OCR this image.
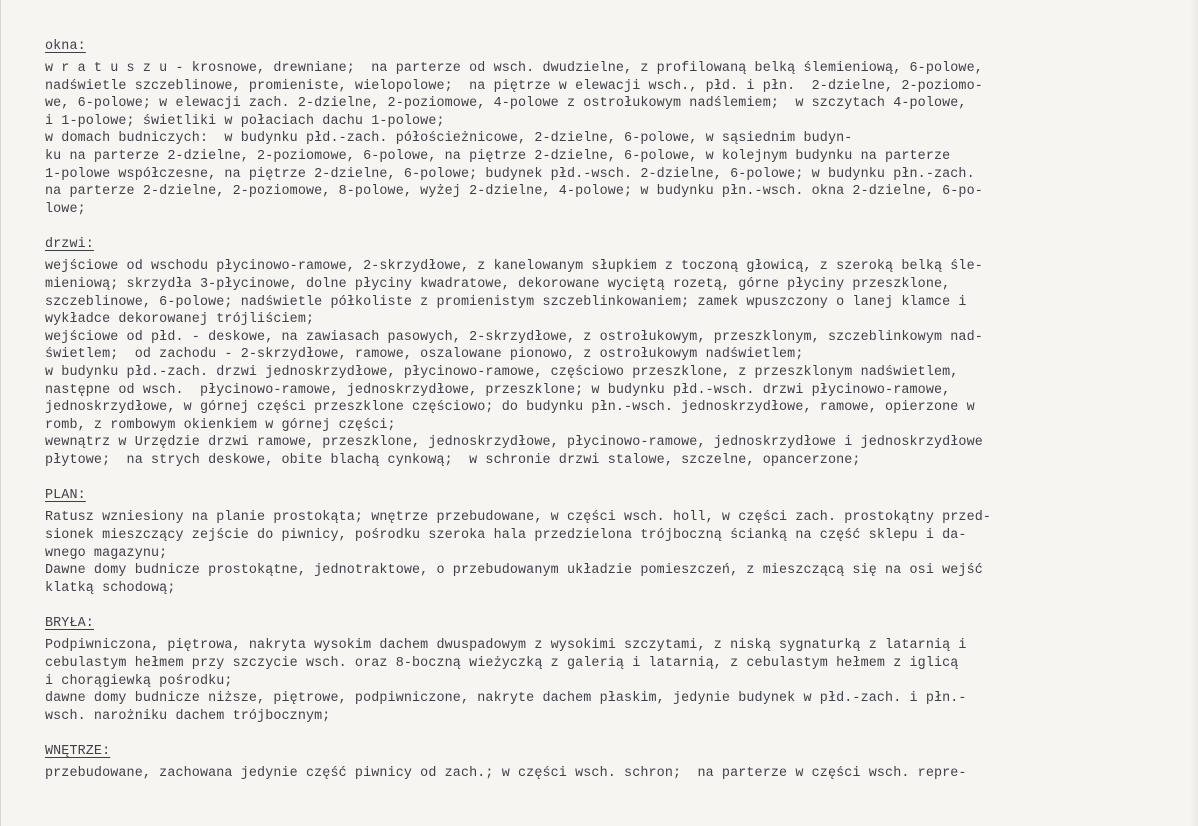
okna:
w r a t u s z u - krosnowe, drewniane;  na parterze od wsch. dwudzielne, z profilowaną belką ślemieniową, 6-polowe,
nadświetle szczeblinowe, promieniste, wielopolowe;  na piętrze w elewacji wsch., płd. i płn.  2-dzielne, 2-poziomo-
we, 6-polowe; w elewacji zach. 2-dzielne, 2-poziomowe, 4-polowe z ostrołukowym nadślemiem;  w szczytach 4-polowe,
i 1-polowe; świetliki w połaciach dachu 1-polowe;
w domach budniczych:  w budynku płd.-zach. półościeżnicowe, 2-dzielne, 6-polowe, w sąsiednim budyn-
ku na parterze 2-dzielne, 2-poziomowe, 6-polowe, na piętrze 2-dzielne, 6-polowe, w kolejnym budynku na parterze
1-polowe współczesne, na piętrze 2-dzielne, 6-polowe; budynek płd.-wsch. 2-dzielne, 6-polowe; w budynku płn.-zach.
na parterze 2-dzielne, 2-poziomowe, 8-polowe, wyżej 2-dzielne, 4-polowe; w budynku płn.-wsch. okna 2-dzielne, 6-po-
lowe;
drzwi:
wejściowe od wschodu płycinowo-ramowe, 2-skrzydłowe, z kanelowanym słupkiem z toczoną głowicą, z szeroką belką śle-
mieniową; skrzydła 3-płycinowe, dolne płyciny kwadratowe, dekorowane wyciętą rozetą, górne płyciny przeszklone,
szczeblinowe, 6-polowe; nadświetle półkoliste z promienistym szczeblinkowaniem; zamek wpuszczony o lanej klamce i
wykładce dekorowanej trójliściem;
wejściowe od płd. - deskowe, na zawiasach pasowych, 2-skrzydłowe, z ostrołukowym, przeszklonym, szczeblinkowym nad-
świetlem;  od zachodu - 2-skrzydłowe, ramowe, oszalowane pionowo, z ostrołukowym nadświetlem;
w budynku płd.-zach. drzwi jednoskrzydłowe, płycinowo-ramowe, częściowo przeszklone, z przeszklonym nadświetlem,
następne od wsch.  płycinowo-ramowe, jednoskrzydłowe, przeszklone; w budynku płd.-wsch. drzwi płycinowo-ramowe,
jednoskrzydłowe, w górnej części przeszklone częściowo; do budynku płn.-wsch. jednoskrzydłowe, ramowe, opierzone w
romb, z rombowym okienkiem w górnej części;
wewnątrz w Urzędzie drzwi ramowe, przeszklone, jednoskrzydłowe, płycinowo-ramowe, jednoskrzydłowe i jednoskrzydłowe
płytowe;  na strych deskowe, obite blachą cynkową;  w schronie drzwi stalowe, szczelne, opancerzone;
PLAN:
Ratusz wzniesiony na planie prostokąta; wnętrze przebudowane, w części wsch. holl, w części zach. prostokątny przed-
sionek mieszczący zejście do piwnicy, pośrodku szeroka hala przedzielona trójboczną ścianką na część sklepu i da-
wnego magazynu;
Dawne domy budnicze prostokątne, jednotraktowe, o przebudowanym układzie pomieszczeń, z mieszczącą się na osi wejść
klatką schodową;
BRYŁA:
Podpiwniczona, piętrowa, nakryta wysokim dachem dwuspadowym z wysokimi szczytami, z niską sygnaturką z latarnią i
cebulastym hełmem przy szczycie wsch. oraz 8-boczną wieżyczką z galerią i latarnią, z cebulastym hełmem z iglicą
i chorągiewką pośrodku;
dawne domy budnicze niższe, piętrowe, podpiwniczone, nakryte dachem płaskim, jedynie budynek w płd.-zach. i płn.-
wsch. narożniku dachem trójbocznym;
WNĘTRZE:
przebudowane, zachowana jedynie część piwnicy od zach.; w części wsch. schron;  na parterze w części wsch. repre-
